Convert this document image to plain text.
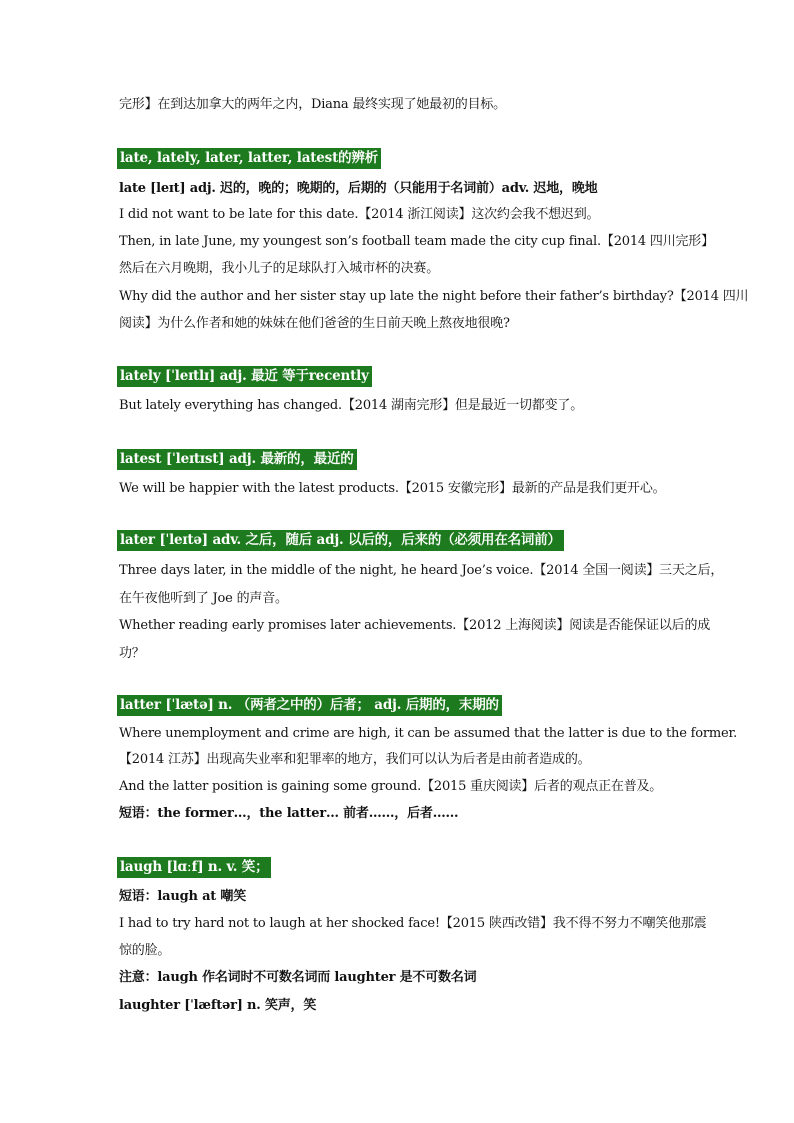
完形】在到达加拿大的两年之内，Diana 最终实现了她最初的目标。
late, lately, later, latter, latest的辨析
late [leɪt] adj. 迟的，晚的；晚期的，后期的（只能用于名词前）adv. 迟地，晚地
I did not want to be late for this date.【2014 浙江阅读】这次约会我不想迟到。
Then, in late June, my youngest son’s football team made the city cup final.【2014 四川完形】
然后在六月晚期，我小儿子的足球队打入城市杯的决赛。
Why did the author and her sister stay up late the night before their father’s birthday?【2014 四川
阅读】为什么作者和她的妹妹在他们爸爸的生日前天晚上熬夜地很晚?
lately [ˈleɪtlɪ] adj. 最近 等于recently
But lately everything has changed.【2014 湖南完形】但是最近一切都变了。
latest [ˈleɪtɪst] adj. 最新的，最近的
We will be happier with the latest products.【2015 安徽完形】最新的产品是我们更开心。
later [ˈleɪtə] adv. 之后，随后 adj. 以后的，后来的（必须用在名词前）
Three days later, in the middle of the night, he heard Joe’s voice.【2014 全国一阅读】三天之后，
在午夜他听到了 Joe 的声音。
Whether reading early promises later achievements.【2012 上海阅读】阅读是否能保证以后的成
功？
latter [ˈlætə] n. （两者之中的）后者； adj. 后期的，末期的
Where unemployment and crime are high, it can be assumed that the latter is due to the former.
【2014 江苏】出现高失业率和犯罪率的地方，我们可以认为后者是由前者造成的。
And the latter position is gaining some ground.【2015 重庆阅读】后者的观点正在普及。
短语：the former…，the latter… 前者……，后者……
laugh [lɑːf] n. v. 笑；
短语：laugh at 嘲笑
I had to try hard not to laugh at her shocked face!【2015 陕西改错】我不得不努力不嘲笑他那震
惊的脸。
注意：laugh 作名词时不可数名词而 laughter 是不可数名词
laughter [ˈlæftər] n. 笑声，笑
